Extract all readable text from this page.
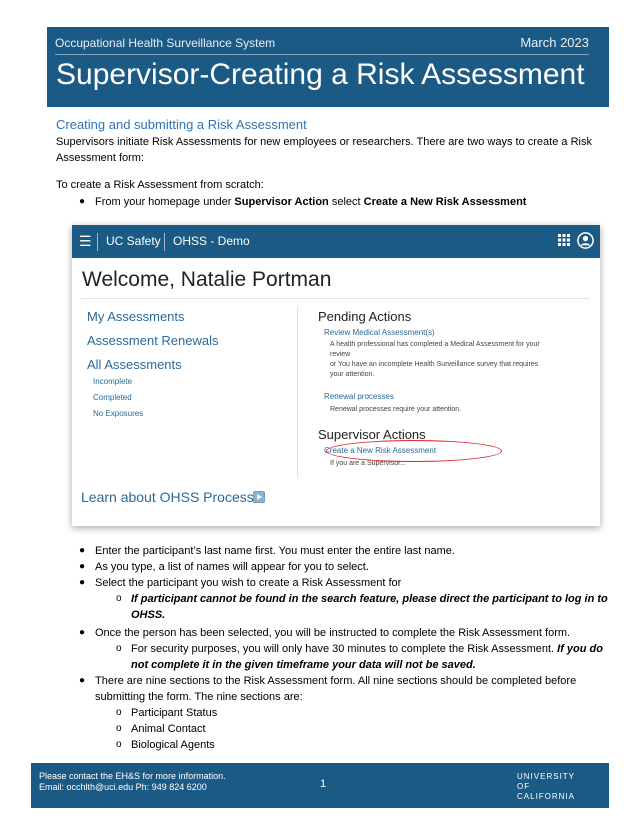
Occupational Health Surveillance System	March 2023
Supervisor-Creating a Risk Assessment
Creating and submitting a Risk Assessment
Supervisors initiate Risk Assessments for new employees or researchers. There are two ways to create a Risk
Assessment form:
To create a Risk Assessment from scratch:
● From your homepage under Supervisor Action select Create a New Risk Assessment
☰ UC Safety OHSS - Demo
Welcome, Natalie Portman
My Assessments
Assessment Renewals
All Assessments
Incomplete
Completed
No Exposures
Pending Actions
Review Medical Assessment(s)
A health professional has completed a Medical Assessment for your
review
or You have an incomplete Health Surveillance survey that requires
your attention.
Renewal processes
Renewal processes require your attention.
Supervisor Actions
Create a New Risk Assessment
If you are a Supervisor...
Learn about OHSS Process
● Enter the participant’s last name first. You must enter the entire last name.
● As you type, a list of names will appear for you to select.
● Select the participant you wish to create a Risk Assessment for
o If participant cannot be found in the search feature, please direct the participant to log in to
OHSS.
● Once the person has been selected, you will be instructed to complete the Risk Assessment form.
o For security purposes, you will only have 30 minutes to complete the Risk Assessment. If you do
not complete it in the given timeframe your data will not be saved.
● There are nine sections to the Risk Assessment form. All nine sections should be completed before
submitting the form. The nine sections are:
o Participant Status
o Animal Contact
o Biological Agents
Please contact the EH&S for more information.
Email: occhlth@uci.edu Ph: 949 824 6200	1
UNIVERSITY
OF
CALIFORNIA
